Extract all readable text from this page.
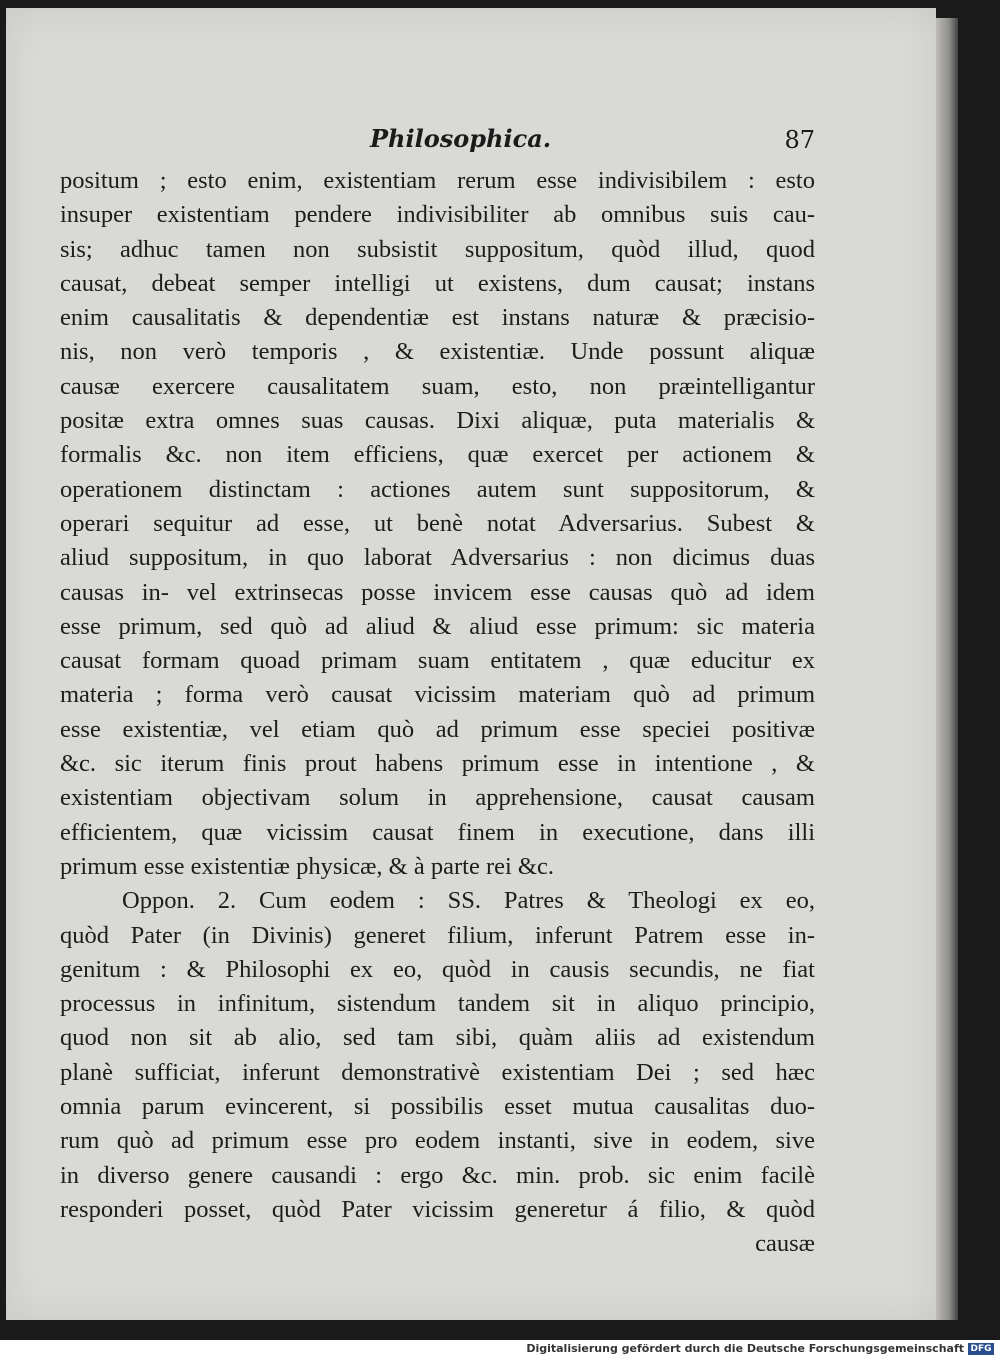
Philosophica.	87
positum ; esto enim, existentiam rerum esse indivisibilem : esto
insuper existentiam pendere indivisibiliter ab omnibus suis cau-
sis; adhuc tamen non subsistit suppositum, quòd illud, quod
causat, debeat semper intelligi ut existens, dum causat; instans
enim causalitatis & dependentiæ est instans naturæ & præcisio-
nis, non verò temporis , & existentiæ. Unde possunt aliquæ
causæ exercere causalitatem suam, esto, non præintelligantur
positæ extra omnes suas causas. Dixi aliquæ, puta materialis &
formalis &c. non item efficiens, quæ exercet per actionem &
operationem distinctam : actiones autem sunt suppositorum, &
operari sequitur ad esse, ut benè notat Adversarius. Subest &
aliud suppositum, in quo laborat Adversarius : non dicimus duas
causas in- vel extrinsecas posse invicem esse causas quò ad idem
esse primum, sed quò ad aliud & aliud esse primum: sic materia
causat formam quoad primam suam entitatem , quæ educitur ex
materia ; forma verò causat vicissim materiam quò ad primum
esse existentiæ, vel etiam quò ad primum esse speciei positivæ
&c. sic iterum finis prout habens primum esse in intentione , &
existentiam objectivam solum in apprehensione, causat causam
efficientem, quæ vicissim causat finem in executione, dans illi
primum esse existentiæ physicæ, & à parte rei &c.
Oppon. 2. Cum eodem : SS. Patres & Theologi ex eo,
quòd Pater (in Divinis) generet filium, inferunt Patrem esse in-
genitum : & Philosophi ex eo, quòd in causis secundis, ne fiat
processus in infinitum, sistendum tandem sit in aliquo principio,
quod non sit ab alio, sed tam sibi, quàm aliis ad existendum
planè sufficiat, inferunt demonstrativè existentiam Dei ; sed hæc
omnia parum evincerent, si possibilis esset mutua causalitas duo-
rum quò ad primum esse pro eodem instanti, sive in eodem, sive
in diverso genere causandi : ergo &c. min. prob. sic enim facilè
responderi posset, quòd Pater vicissim generetur á filio, & quòd
causæ
Digitalisierung gefördert durch die Deutsche Forschungsgemeinschaft DFG
